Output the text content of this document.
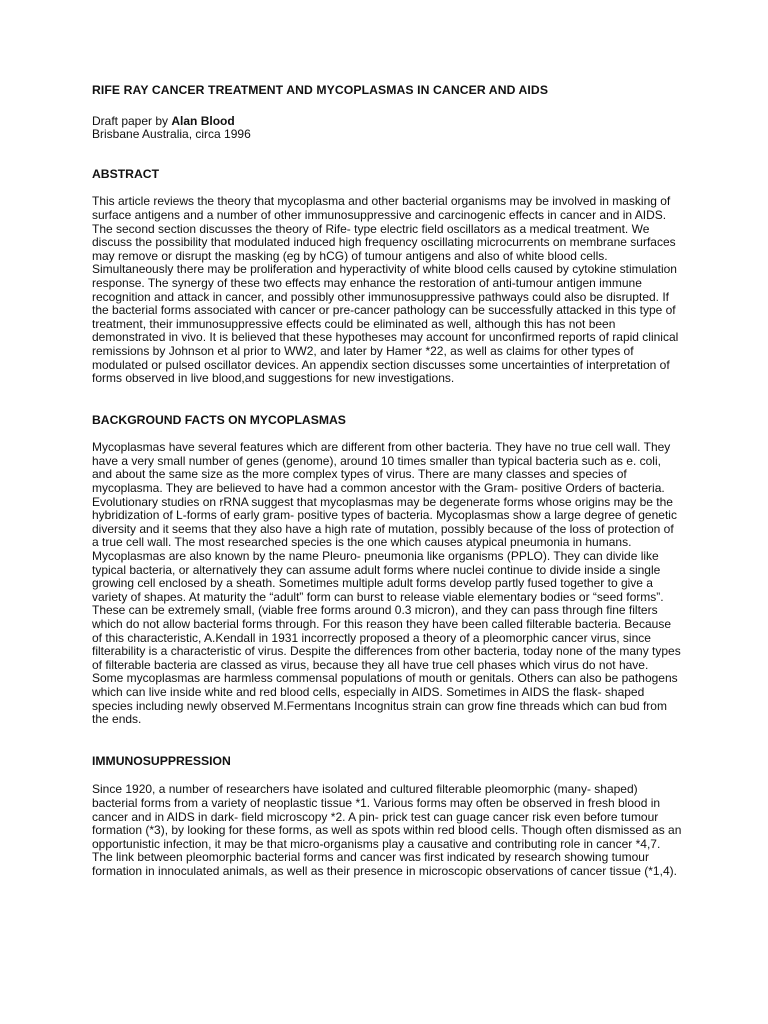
RIFE RAY CANCER TREATMENT AND MYCOPLASMAS IN CANCER AND AIDS
Draft paper by Alan Blood
Brisbane Australia, circa 1996
ABSTRACT

This article reviews the theory that mycoplasma and other bacterial organisms may be involved in masking of surface antigens and a number of other immunosuppressive and carcinogenic effects in cancer and in AIDS. The second section discusses the theory of Rife- type electric field oscillators as a medical treatment. We discuss the possibility that modulated induced high frequency oscillating microcurrents on membrane surfaces may remove or disrupt the masking (eg by hCG) of tumour antigens and also of white blood cells. Simultaneously there may be proliferation and hyperactivity of white blood cells caused by cytokine stimulation response. The synergy of these two effects may enhance the restoration of anti-tumour antigen immune recognition and attack in cancer, and possibly other immunosuppressive pathways could also be disrupted. If the bacterial forms associated with cancer or pre-cancer pathology can be successfully attacked in this type of treatment, their immunosuppressive effects could be eliminated as well, although this has not been demonstrated in vivo. It is believed that these hypotheses may account for unconfirmed reports of rapid clinical remissions by Johnson et al prior to WW2, and later by Hamer *22, as well as claims for other types of modulated or pulsed oscillator devices. An appendix section discusses some uncertainties of interpretation of forms observed in live blood,and suggestions for new investigations.

BACKGROUND FACTS ON MYCOPLASMAS

Mycoplasmas have several features which are different from other bacteria. They have no true cell wall. They have a very small number of genes (genome), around 10 times smaller than typical bacteria such as e. coli, and about the same size as the more complex types of virus. There are many classes and species of mycoplasma. They are believed to have had a common ancestor with the Gram- positive Orders of bacteria. Evolutionary studies on rRNA suggest that mycoplasmas may be degenerate forms whose origins may be the hybridization of L-forms of early gram- positive types of bacteria. Mycoplasmas show a large degree of genetic diversity and it seems that they also have a high rate of mutation, possibly because of the loss of protection of a true cell wall. The most researched species is the one which causes atypical pneumonia in humans. Mycoplasmas are also known by the name Pleuro- pneumonia like organisms (PPLO). They can divide like typical bacteria, or alternatively they can assume adult forms where nuclei continue to divide inside a single growing cell enclosed by a sheath. Sometimes multiple adult forms develop partly fused together to give a variety of shapes. At maturity the “adult” form can burst to release viable elementary bodies or “seed forms”. These can be extremely small, (viable free forms around 0.3 micron), and they can pass through fine filters which do not allow bacterial forms through. For this reason they have been called filterable bacteria. Because of this characteristic, A.Kendall in 1931 incorrectly proposed a theory of a pleomorphic cancer virus, since filterability is a characteristic of virus. Despite the differences from other bacteria, today none of the many types of filterable bacteria are classed as virus, because they all have true cell phases which virus do not have. Some mycoplasmas are harmless commensal populations of mouth or genitals. Others can also be pathogens which can live inside white and red blood cells, especially in AIDS. Sometimes in AIDS the flask- shaped species including newly observed M.Fermentans Incognitus strain can grow fine threads which can bud from the ends.

IMMUNOSUPPRESSION

Since 1920, a number of researchers have isolated and cultured filterable pleomorphic (many- shaped) bacterial forms from a variety of neoplastic tissue *1. Various forms may often be observed in fresh blood in cancer and in AIDS in dark- field microscopy *2. A pin- prick test can guage cancer risk even before tumour formation (*3), by looking for these forms, as well as spots within red blood cells. Though often dismissed as an opportunistic infection, it may be that micro-organisms play a causative and contributing role in cancer *4,7. The link between pleomorphic bacterial forms and cancer was first indicated by research showing tumour formation in innoculated animals, as well as their presence in microscopic observations of cancer tissue (*1,4).
